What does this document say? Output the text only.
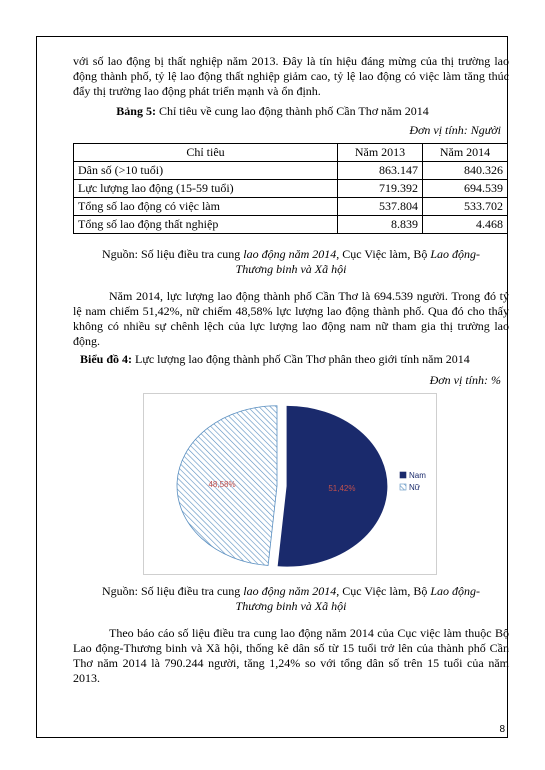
với số lao động bị thất nghiệp năm 2013. Đây là tín hiệu đáng mừng của thị trường lao động thành phố, tỷ lệ lao động thất nghiệp giảm cao, tỷ lệ lao động có việc làm tăng thúc đẩy thị trường lao động phát triển mạnh và ổn định.
Bảng 5: Chỉ tiêu về cung lao động thành phố Cần Thơ năm 2014
Đơn vị tính: Người
Chỉ tiêu	Năm 2013	Năm 2014
Dân số (>10 tuổi)	863.147	840.326
Lực lượng lao động (15-59 tuổi)	719.392	694.539
Tổng số lao động có việc làm	537.804	533.702
Tổng số lao động thất nghiệp	8.839	4.468
Nguồn: Số liệu điều tra cung lao động năm 2014, Cục Việc làm, Bộ Lao động-
Thương binh và Xã hội
Năm 2014, lực lượng lao động thành phố Cần Thơ là 694.539 người. Trong đó tỷ lệ nam chiếm 51,42%, nữ chiếm 48,58% lực lượng lao động thành phố. Qua đó cho thấy không có nhiều sự chênh lệch của lực lượng lao động nam nữ tham gia thị trường lao động.
Biểu đồ 4: Lực lượng lao động thành phố Cần Thơ phân theo giới tính năm 2014
Đơn vị tính: %
51,42%
48,58%
Nam
Nữ
Nguồn: Số liệu điều tra cung lao động năm 2014, Cục Việc làm, Bộ Lao động-
Thương binh và Xã hội
Theo báo cáo số liệu điều tra cung lao động năm 2014 của Cục việc làm thuộc Bộ Lao động-Thương binh và Xã hội, thống kê dân số từ 15 tuổi trở lên của thành phố Cần Thơ năm 2014 là 790.244 người, tăng 1,24% so với tổng dân số trên 15 tuổi của năm 2013.
8
